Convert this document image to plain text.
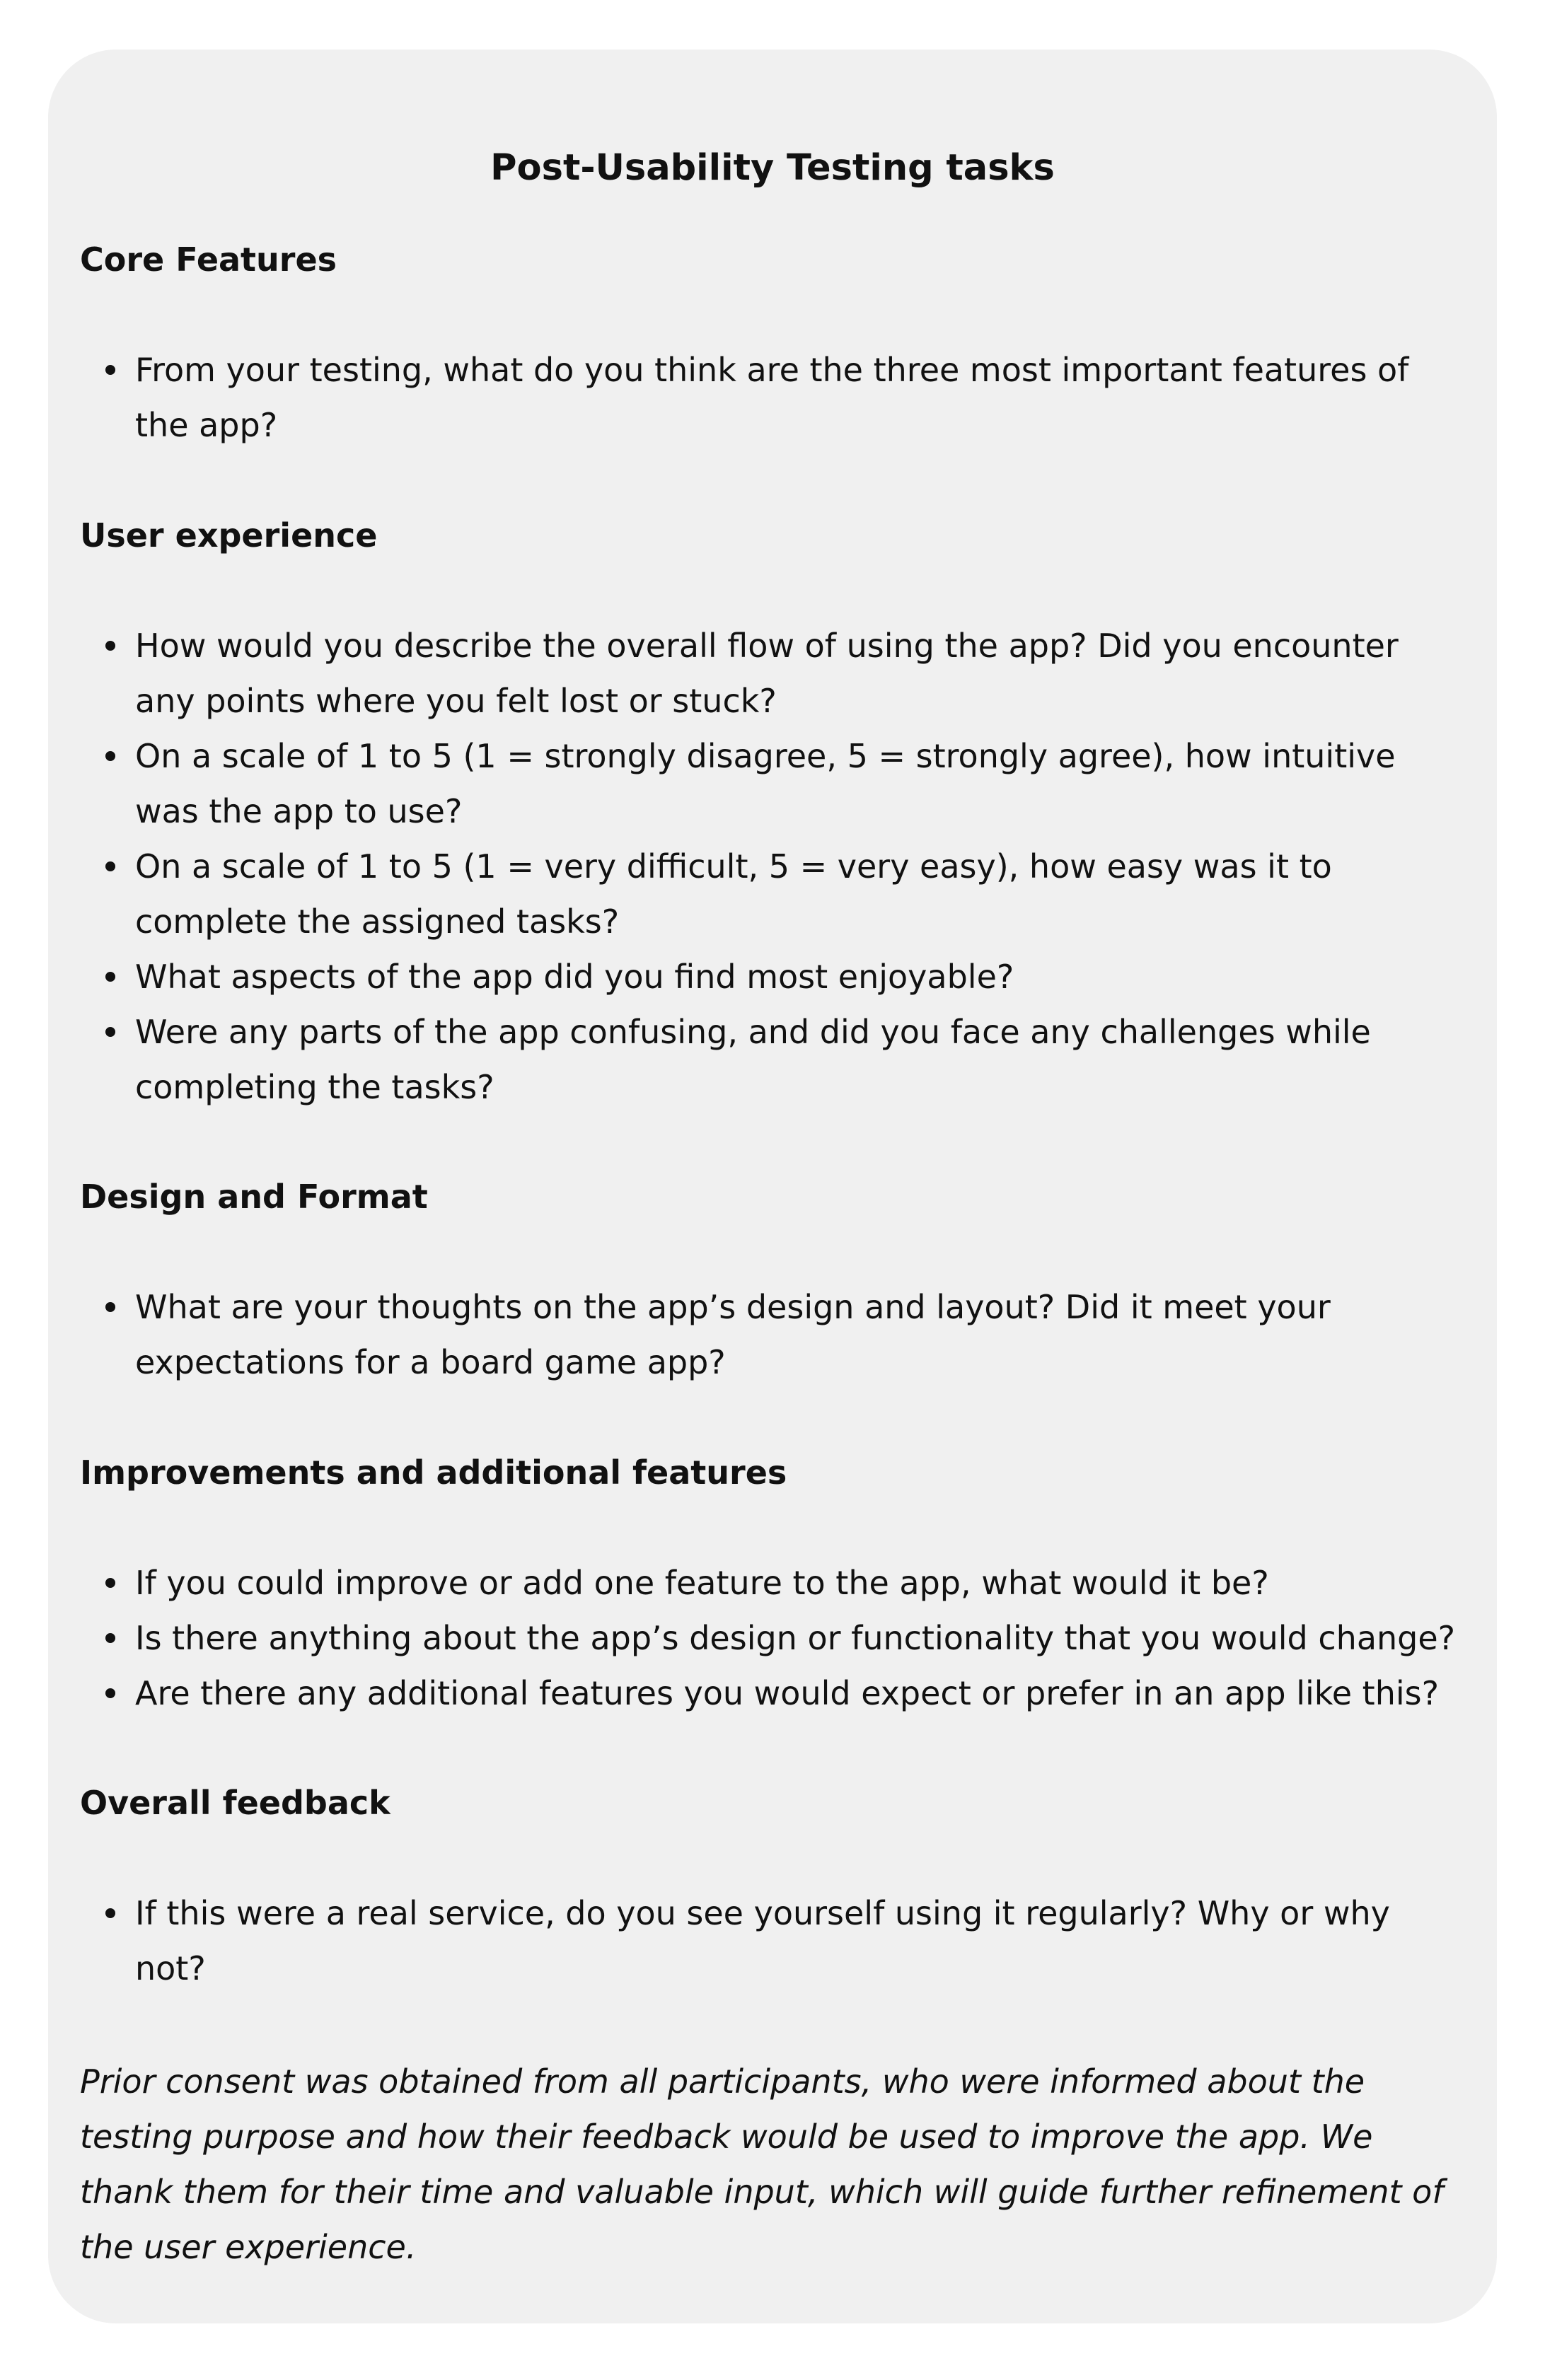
Post-Usability Testing tasks
Core Features
From your testing, what do you think are the three most important features of the app?
User experience
How would you describe the overall flow of using the app? Did you encounter any points where you felt lost or stuck?
On a scale of 1 to 5 (1 = strongly disagree, 5 = strongly agree), how intuitive was the app to use?
On a scale of 1 to 5 (1 = very difficult, 5 = very easy), how easy was it to complete the assigned tasks?
What aspects of the app did you find most enjoyable?
Were any parts of the app confusing, and did you face any challenges while completing the tasks?
Design and Format
What are your thoughts on the app’s design and layout? Did it meet your expectations for a board game app?
Improvements and additional features
If you could improve or add one feature to the app, what would it be?
Is there anything about the app’s design or functionality that you would change?
Are there any additional features you would expect or prefer in an app like this?
Overall feedback
If this were a real service, do you see yourself using it regularly? Why or why not?

Prior consent was obtained from all participants, who were informed about the testing purpose and how their feedback would be used to improve the app. We thank them for their time and valuable input, which will guide further refinement of the user experience.
